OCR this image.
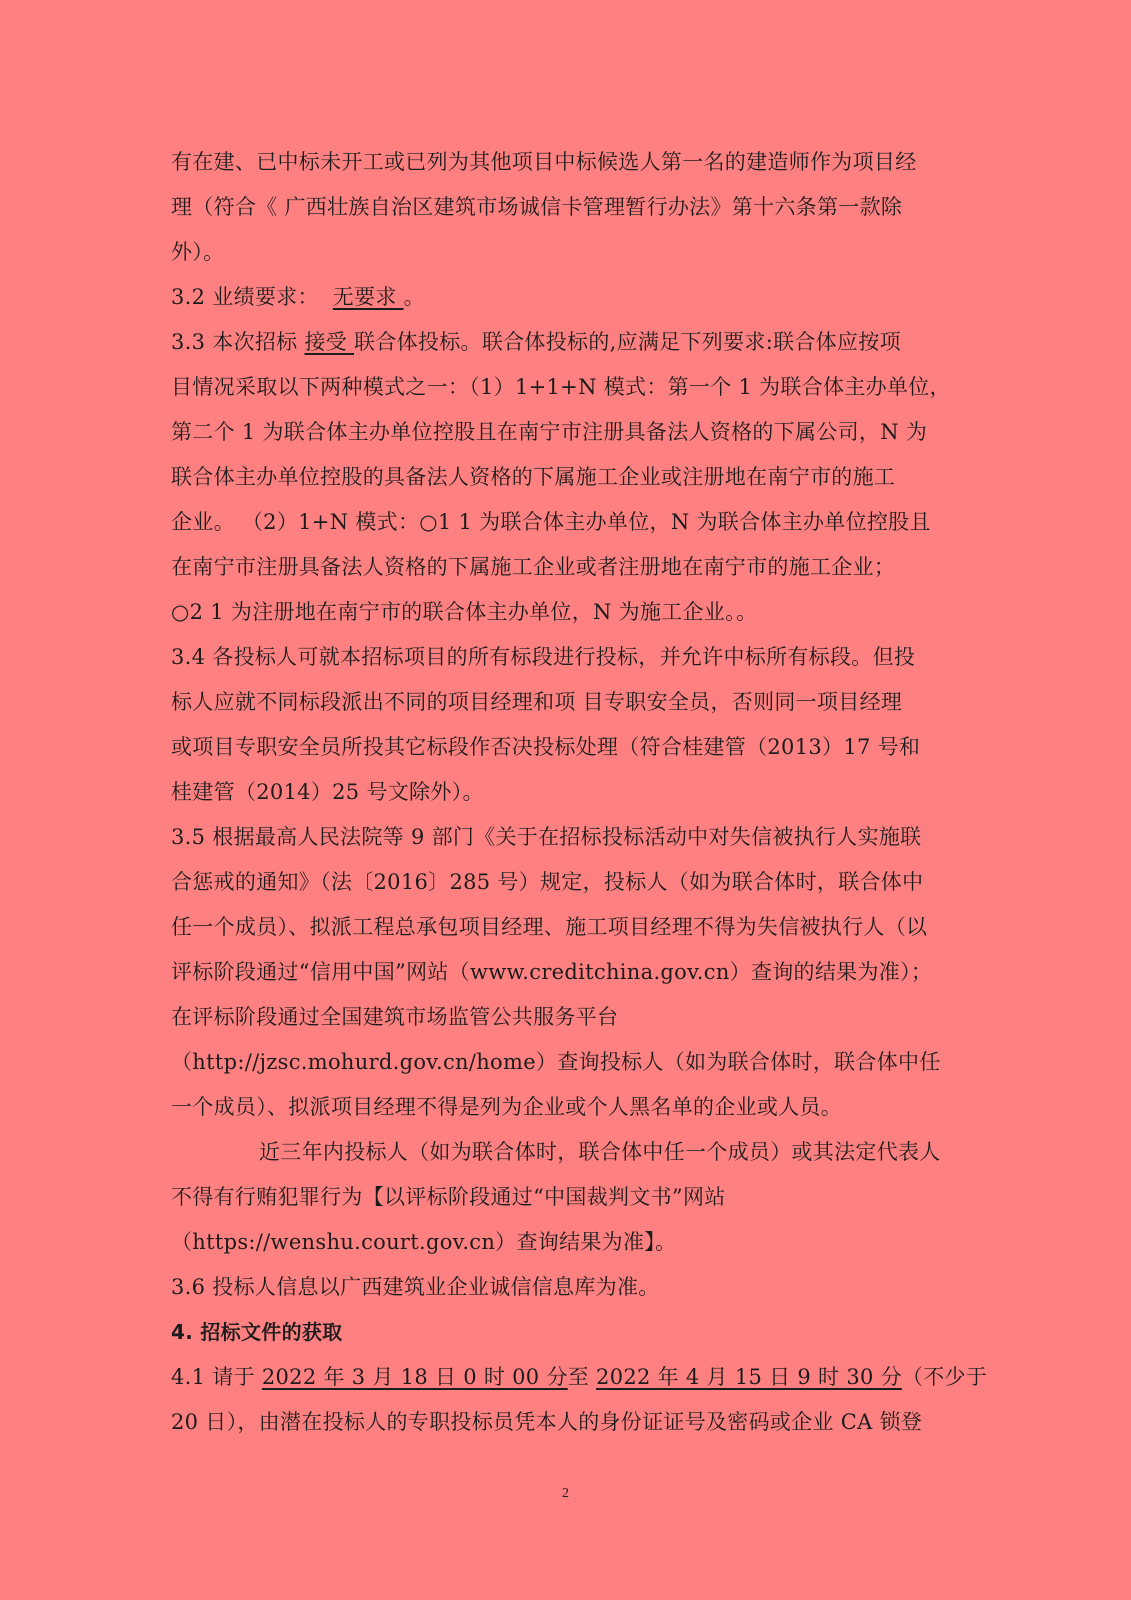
有在建、已中标未开工或已列为其他项目中标候选人第一名的建造师作为项目经
理（符合《 广西壮族自治区建筑市场诚信卡管理暂行办法》第十六条第一款除
外）。
3.2 业绩要求：  无要求 。
3.3 本次招标 接受 联合体投标。联合体投标的,应满足下列要求:联合体应按项
目情况采取以下两种模式之一：（1）1+1+N 模式：第一个 1 为联合体主办单位，
第二个 1 为联合体主办单位控股且在南宁市注册具备法人资格的下属公司，N 为
联合体主办单位控股的具备法人资格的下属施工企业或注册地在南宁市的施工
企业。 （2）1+N 模式：○1 1 为联合体主办单位，N 为联合体主办单位控股且
在南宁市注册具备法人资格的下属施工企业或者注册地在南宁市的施工企业；
○2 1 为注册地在南宁市的联合体主办单位，N 为施工企业。。
3.4 各投标人可就本招标项目的所有标段进行投标，并允许中标所有标段。但投
标人应就不同标段派出不同的项目经理和项 目专职安全员，否则同一项目经理
或项目专职安全员所投其它标段作否决投标处理（符合桂建管（2013）17 号和
桂建管（2014）25 号文除外）。
3.5 根据最高人民法院等 9 部门《关于在招标投标活动中对失信被执行人实施联
合惩戒的通知》（法〔2016〕285 号）规定，投标人（如为联合体时，联合体中
任一个成员）、拟派工程总承包项目经理、施工项目经理不得为失信被执行人（以
评标阶段通过“信用中国”网站（www.creditchina.gov.cn）查询的结果为准）；
在评标阶段通过全国建筑市场监管公共服务平台
（http://jzsc.mohurd.gov.cn/home）查询投标人（如为联合体时，联合体中任
一个成员）、拟派项目经理不得是列为企业或个人黑名单的企业或人员。
近三年内投标人（如为联合体时，联合体中任一个成员）或其法定代表人
不得有行贿犯罪行为【以评标阶段通过“中国裁判文书”网站
（https://wenshu.court.gov.cn）查询结果为准】。
3.6 投标人信息以广西建筑业企业诚信信息库为准。
4. 招标文件的获取
4.1 请于 2022 年 3 月 18 日 0 时 00 分至 2022 年 4 月 15 日 9 时 30 分（不少于
20 日），由潜在投标人的专职投标员凭本人的身份证证号及密码或企业 CA 锁登
2
